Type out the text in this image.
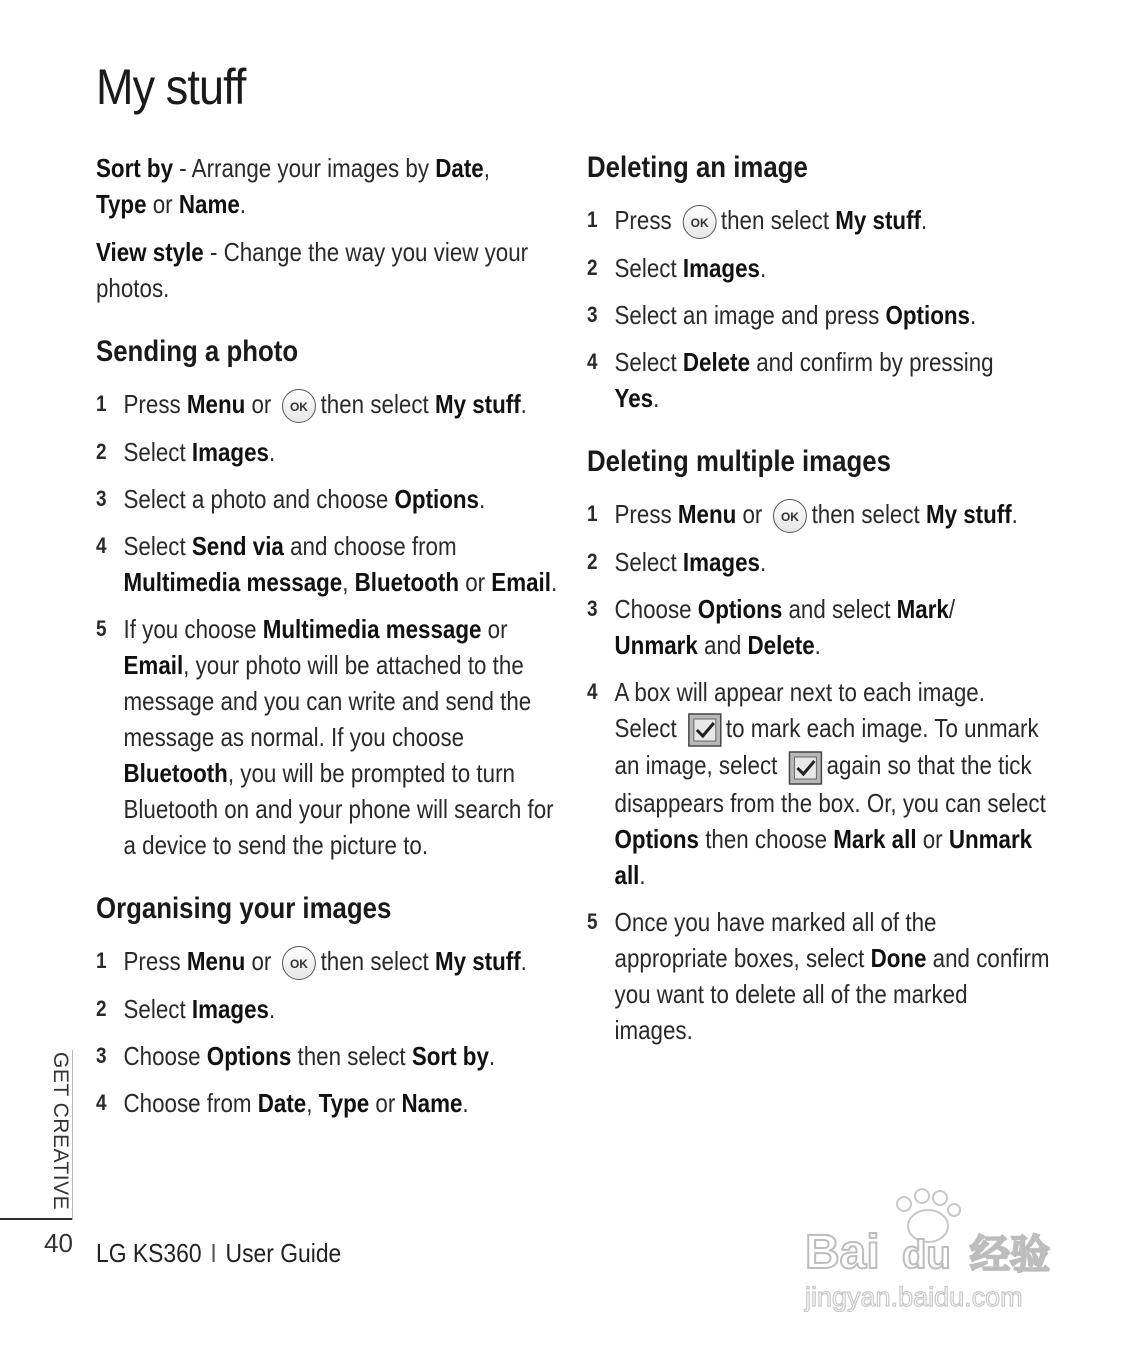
My stuff

Sort by - Arrange your images by Date,
Type or Name.

View style - Change the way you view your photos.

Sending a photo
1 Press Menu or OK then select My stuff.
2 Select Images.
3 Select a photo and choose Options.
4 Select Send via and choose from
Multimedia message, Bluetooth or Email.
5 If you choose Multimedia message or Email, your photo will be attached to the message and you can write and send the message as normal. If you choose Bluetooth, you will be prompted to turn Bluetooth on and your phone will search for a device to send the picture to.
Organising your images
1 Press Menu or OK then select My stuff.
2 Select Images.
3 Choose Options then select Sort by.
4 Choose from Date, Type or Name.
Deleting an image
1 Press OK then select My stuff.
2 Select Images.
3 Select an image and press Options.
4 Select Delete and confirm by pressing
Yes.
Deleting multiple images
1 Press Menu or OK then select My stuff.
2 Select Images.
3 Choose Options and select Mark/
Unmark and Delete.
4 A box will appear next to each image. Select to mark each image. To unmark an image, select again so that the tick disappears from the box. Or, you can select Options then choose Mark all or Unmark all.
5 Once you have marked all of the appropriate boxes, select Done and confirm you want to delete all of the marked images.
GET CREATIVE
40 LG KS360 I User Guide	Bai du 经验
jingyan.baidu.com
